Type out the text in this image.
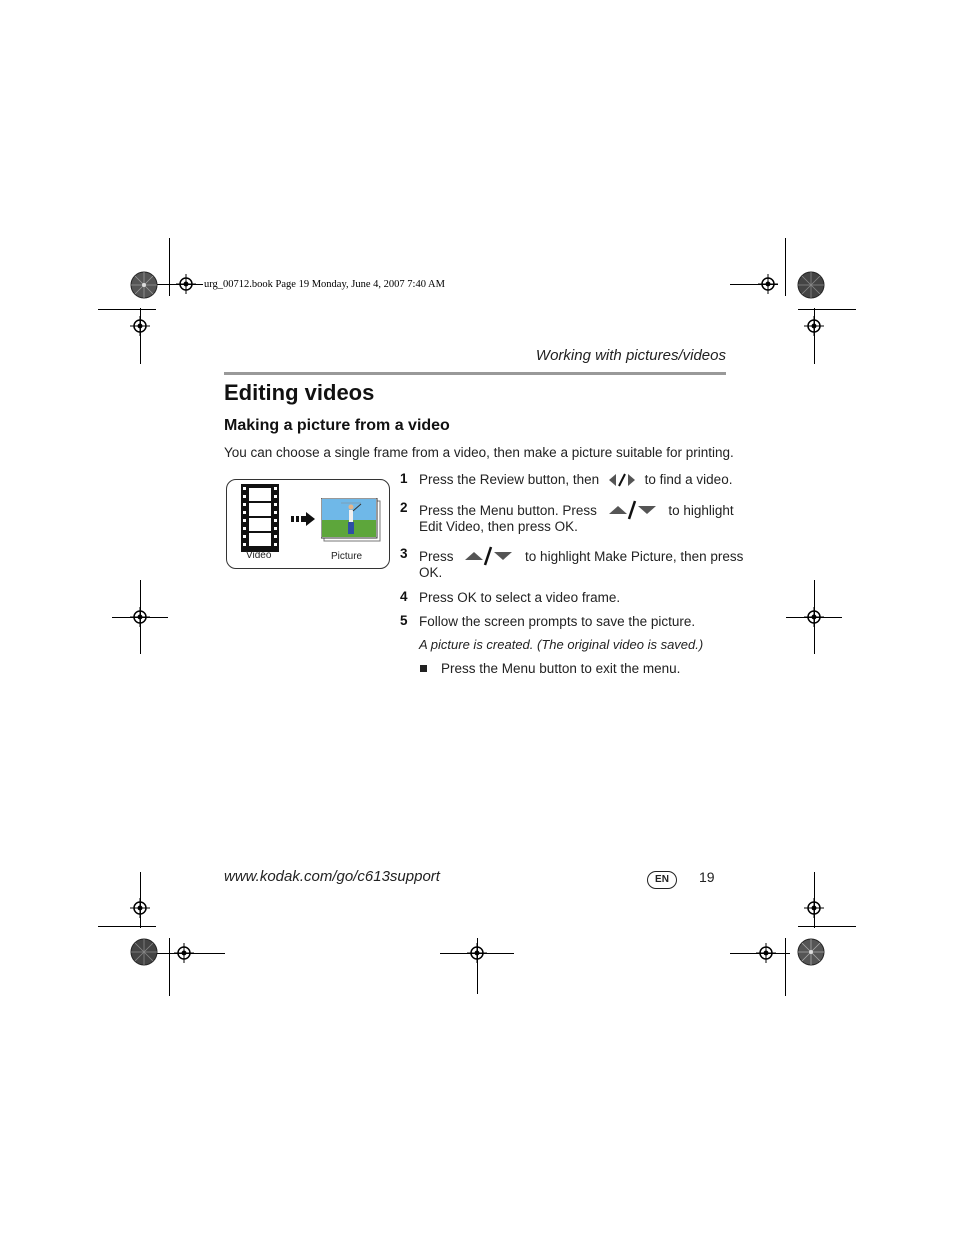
urg_00712.book Page 19 Monday, June 4, 2007 7:40 AM
Working with pictures/videos
Editing videos
Making a picture from a video
You can choose a single frame from a video, then make a picture suitable for printing.
Video	Picture
1 Press the Review button, then	to find a video.
2 Press the Menu button. Press	to highlight
Edit Video, then press OK.
3 Press	to highlight Make Picture, then press
OK.
4 Press OK to select a video frame.
5 Follow the screen prompts to save the picture.
A picture is created. (The original video is saved.)
Press the Menu button to exit the menu.
www.kodak.com/go/c613support	EN	19
